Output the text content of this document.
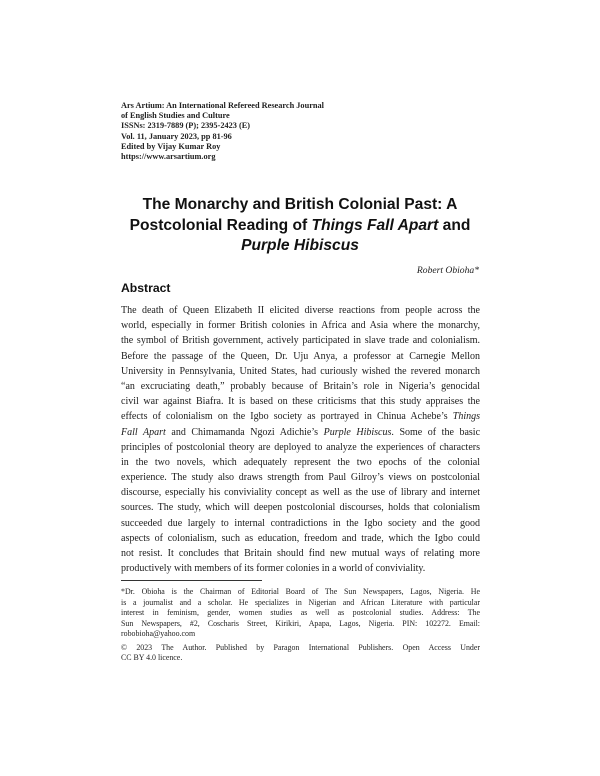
Ars Artium: An International Refereed Research Journal
of English Studies and Culture
ISSNs: 2319-7889 (P); 2395-2423 (E)
Vol. 11, January 2023, pp 81-96
Edited by Vijay Kumar Roy
https://www.arsartium.org
The Monarchy and British Colonial Past: A
Postcolonial Reading of Things Fall Apart and
Purple Hibiscus
Robert Obioha*
Abstract
The death of Queen Elizabeth II elicited diverse reactions from people across the
world, especially in former British colonies in Africa and Asia where the monarchy,
the symbol of British government, actively participated in slave trade and colonialism.
Before the passage of the Queen, Dr. Uju Anya, a professor at Carnegie Mellon
University in Pennsylvania, United States, had curiously wished the revered monarch
“an excruciating death,” probably because of Britain’s role in Nigeria’s genocidal
civil war against Biafra. It is based on these criticisms that this study appraises the
effects of colonialism on the Igbo society as portrayed in Chinua Achebe’s Things
Fall Apart and Chimamanda Ngozi Adichie’s Purple Hibiscus. Some of the basic
principles of postcolonial theory are deployed to analyze the experiences of characters
in the two novels, which adequately represent the two epochs of the colonial
experience. The study also draws strength from Paul Gilroy’s views on postcolonial
discourse, especially his conviviality concept as well as the use of library and internet
sources. The study, which will deepen postcolonial discourses, holds that colonialism
succeeded due largely to internal contradictions in the Igbo society and the good
aspects of colonialism, such as education, freedom and trade, which the Igbo could
not resist. It concludes that Britain should find new mutual ways of relating more
productively with members of its former colonies in a world of conviviality.
*Dr. Obioha is the Chairman of Editorial Board of The Sun Newspapers, Lagos, Nigeria. He
is a journalist and a scholar. He specializes in Nigerian and African Literature with particular
interest in feminism, gender, women studies as well as postcolonial studies. Address: The
Sun Newspapers, #2, Coscharis Street, Kirikiri, Apapa, Lagos, Nigeria. PIN: 102272. Email:
robobioha@yahoo.com
© 2023 The Author. Published by Paragon International Publishers. Open Access Under
CC BY 4.0 licence.
